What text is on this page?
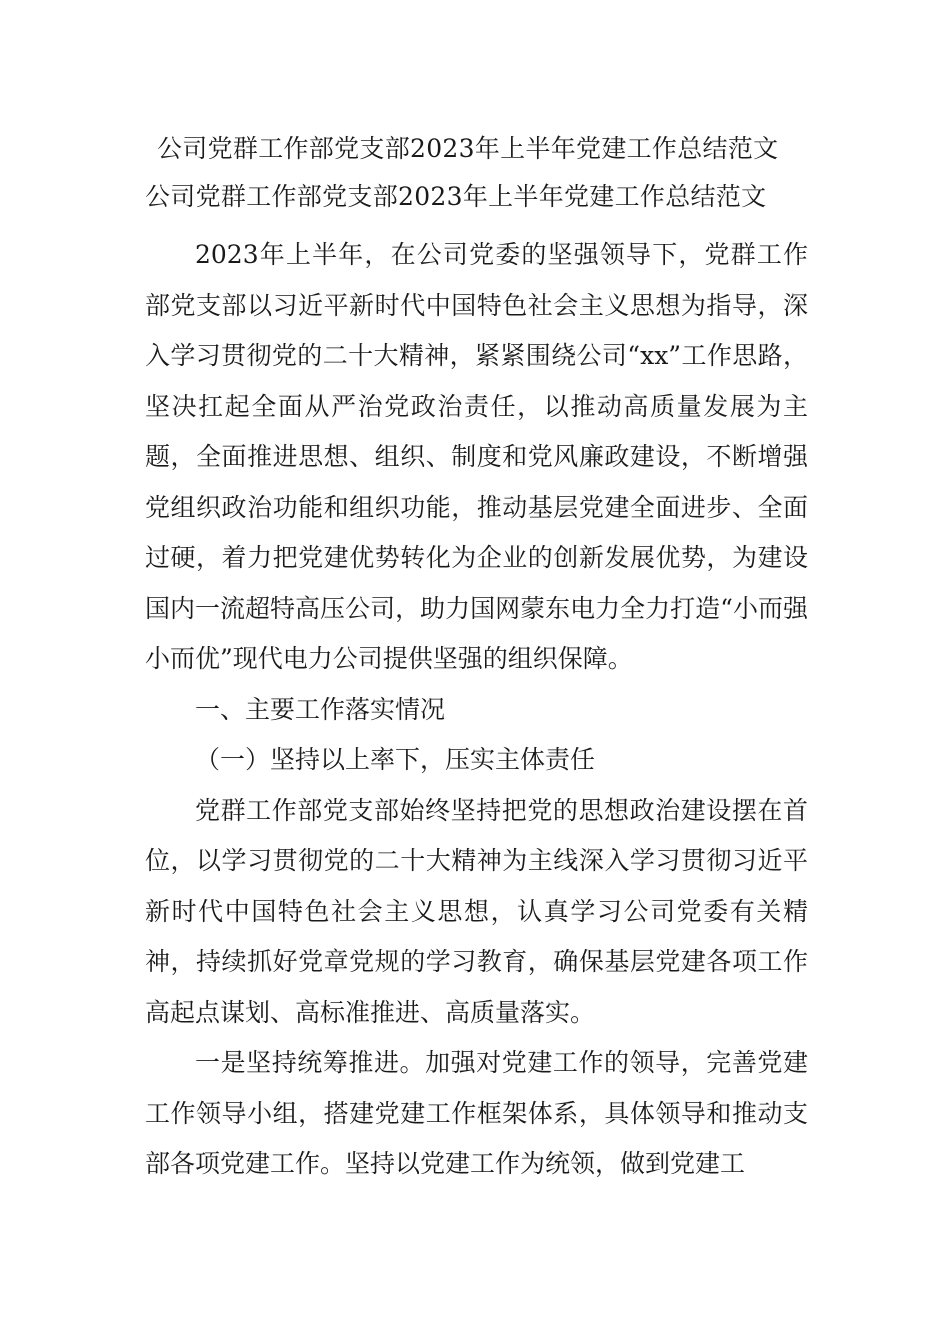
公司党群工作部党支部2023年上半年党建工作总结范文
公司党群工作部党支部2023年上半年党建工作总结范文

2023年上半年，在公司党委的坚强领导下，党群工作部党支部以习近平新时代中国特色社会主义思想为指导，深入学习贯彻党的二十大精神，紧紧围绕公司“xx”工作思路，坚决扛起全面从严治党政治责任，以推动高质量发展为主题，全面推进思想、组织、制度和党风廉政建设，不断增强党组织政治功能和组织功能，推动基层党建全面进步、全面过硬，着力把党建优势转化为企业的创新发展优势，为建设国内一流超特高压公司，助力国网蒙东电力全力打造“小而强小而优”现代电力公司提供坚强的组织保障。

一、主要工作落实情况

（一）坚持以上率下，压实主体责任

党群工作部党支部始终坚持把党的思想政治建设摆在首位，以学习贯彻党的二十大精神为主线深入学习贯彻习近平新时代中国特色社会主义思想，认真学习公司党委有关精神，持续抓好党章党规的学习教育，确保基层党建各项工作高起点谋划、高标准推进、高质量落实。

一是坚持统筹推进。加强对党建工作的领导，完善党建工作领导小组，搭建党建工作框架体系，具体领导和推动支部各项党建工作。坚持以党建工作为统领，做到党建工
